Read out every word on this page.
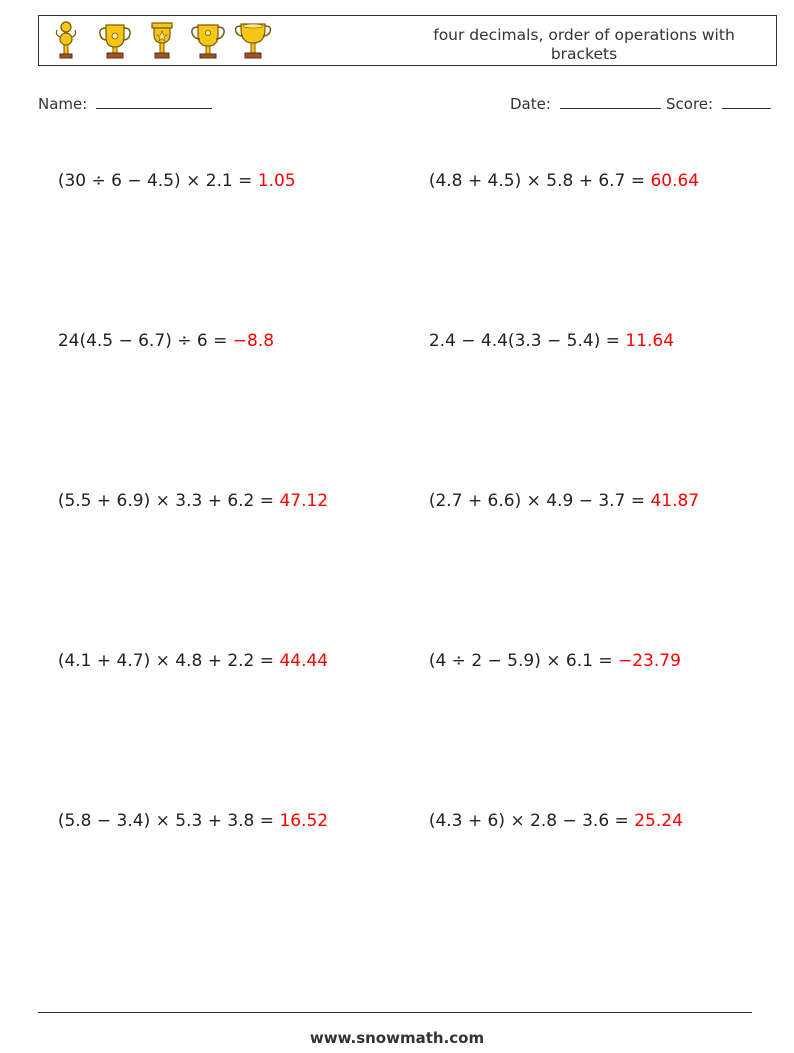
four decimals, order of operations with brackets
Name:	Date:	Score:

(30 ÷ 6 − 4.5) × 2.1 = 1.05	(4.8 + 4.5) × 5.8 + 6.7 = 60.64

24(4.5 − 6.7) ÷ 6 = −8.8	2.4 − 4.4(3.3 − 5.4) = 11.64

(5.5 + 6.9) × 3.3 + 6.2 = 47.12	(2.7 + 6.6) × 4.9 − 3.7 = 41.87

(4.1 + 4.7) × 4.8 + 2.2 = 44.44	(4 ÷ 2 − 5.9) × 6.1 = −23.79

(5.8 − 3.4) × 5.3 + 3.8 = 16.52	(4.3 + 6) × 2.8 − 3.6 = 25.24

www.snowmath.com
